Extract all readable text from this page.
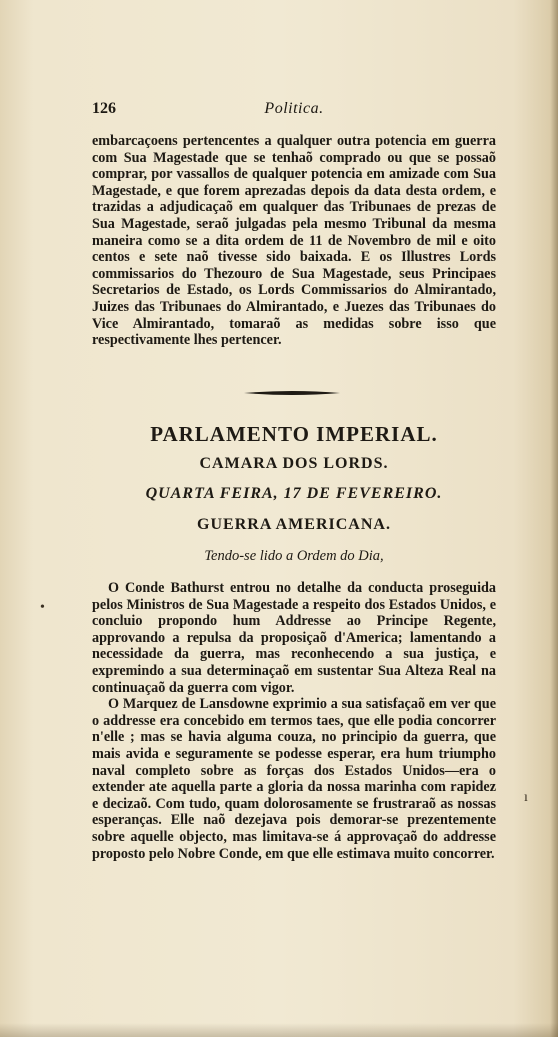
126	Politica.

embarcaçoens pertencentes a qualquer outra potencia em guerra com Sua Magestade que se tenhaõ comprado ou que se possaõ comprar, por vassallos de qualquer potencia em amizade com Sua Magestade, e que forem aprezadas depois da data desta ordem, e trazidas a adjudicaçaõ em qualquer das Tribunaes de prezas de Sua Magestade, seraõ julgadas pela mesmo Tribunal da mesma maneira como se a dita ordem de 11 de Novembro de mil e oito centos e sete naõ tivesse sido baixada. E os Illustres Lords commissarios do Thezouro de Sua Magestade, seus Principaes Secretarios de Estado, os Lords Commissarios do Almirantado, Juizes das Tribunaes do Almirantado, e Juezes das Tribunaes do Vice Almirantado, tomaraõ as medidas sobre isso que respectivamente lhes pertencer.

PARLAMENTO IMPERIAL.
CAMARA DOS LORDS.
QUARTA FEIRA, 17 DE FEVEREIRO.
GUERRA AMERICANA.
Tendo-se lido a Ordem do Dia,

O Conde Bathurst entrou no detalhe da conducta proseguida pelos Ministros de Sua Magestade a respeito dos Estados Unidos, e concluio propondo hum Addresse ao Principe Regente, approvando a repulsa da proposiçaõ d'America; lamentando a necessidade da guerra, mas reconhecendo a sua justiça, e expremindo a sua determinaçaõ em sustentar Sua Alteza Real na continuaçaõ da guerra com vigor.

O Marquez de Lansdowne exprimio a sua satisfaçaõ em ver que o addresse era concebido em termos taes, que elle podia concorrer n'elle ; mas se havia alguma couza, no principio da guerra, que mais avida e seguramente se podesse esperar, era hum triumpho naval completo sobre as forças dos Estados Unidos—era o extender ate aquella parte a gloria da nossa marinha com rapidez e decizaõ. Com tudo, quam dolorosamente se frustraraõ as nossas esperanças. Elle naõ dezejava pois demorar-se prezentemente sobre aquelle objecto, mas limitava-se á approvaçaõ do addresse proposto pelo Nobre Conde, em que elle estimava muito concorrer.

•
ı
